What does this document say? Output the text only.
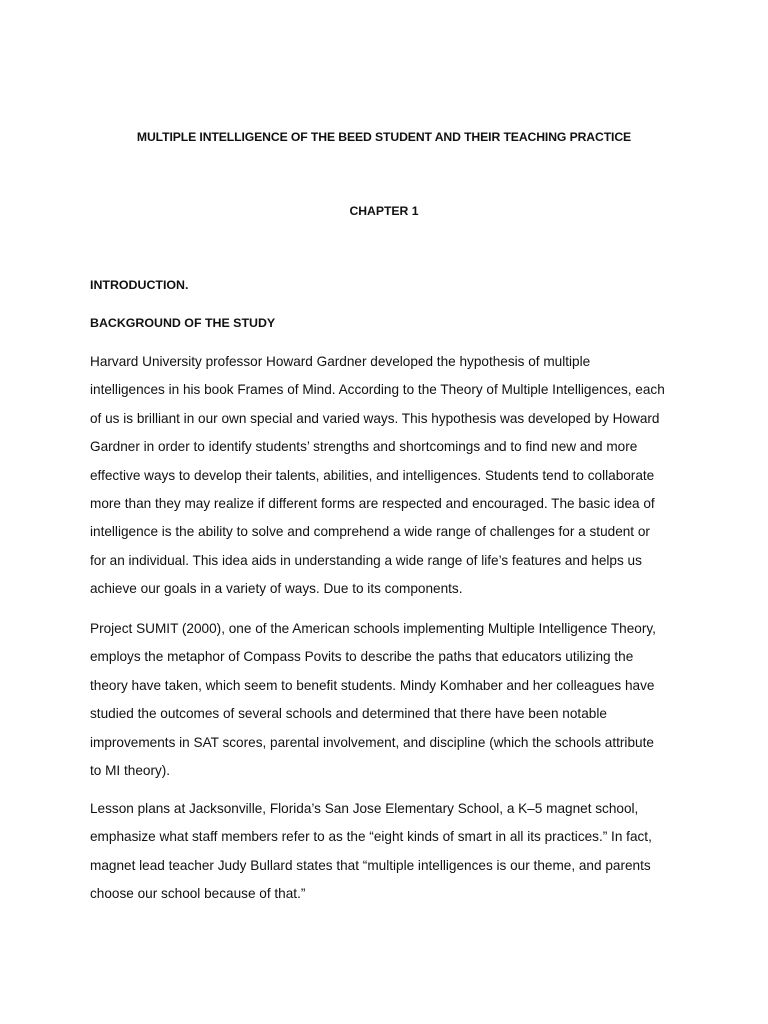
MULTIPLE INTELLIGENCE OF THE BEED STUDENT AND THEIR TEACHING PRACTICE
CHAPTER 1
INTRODUCTION.
BACKGROUND OF THE STUDY

Harvard University professor Howard Gardner developed the hypothesis of multiple
intelligences in his book Frames of Mind. According to the Theory of Multiple Intelligences, each
of us is brilliant in our own special and varied ways. This hypothesis was developed by Howard
Gardner in order to identify students’ strengths and shortcomings and to find new and more
effective ways to develop their talents, abilities, and intelligences. Students tend to collaborate
more than they may realize if different forms are respected and encouraged. The basic idea of
intelligence is the ability to solve and comprehend a wide range of challenges for a student or
for an individual. This idea aids in understanding a wide range of life’s features and helps us
achieve our goals in a variety of ways. Due to its components.

Project SUMIT (2000), one of the American schools implementing Multiple Intelligence Theory,
employs the metaphor of Compass Povits to describe the paths that educators utilizing the
theory have taken, which seem to benefit students. Mindy Komhaber and her colleagues have
studied the outcomes of several schools and determined that there have been notable
improvements in SAT scores, parental involvement, and discipline (which the schools attribute
to MI theory).

Lesson plans at Jacksonville, Florida’s San Jose Elementary School, a K–5 magnet school,
emphasize what staff members refer to as the “eight kinds of smart in all its practices.” In fact,
magnet lead teacher Judy Bullard states that “multiple intelligences is our theme, and parents
choose our school because of that.”
